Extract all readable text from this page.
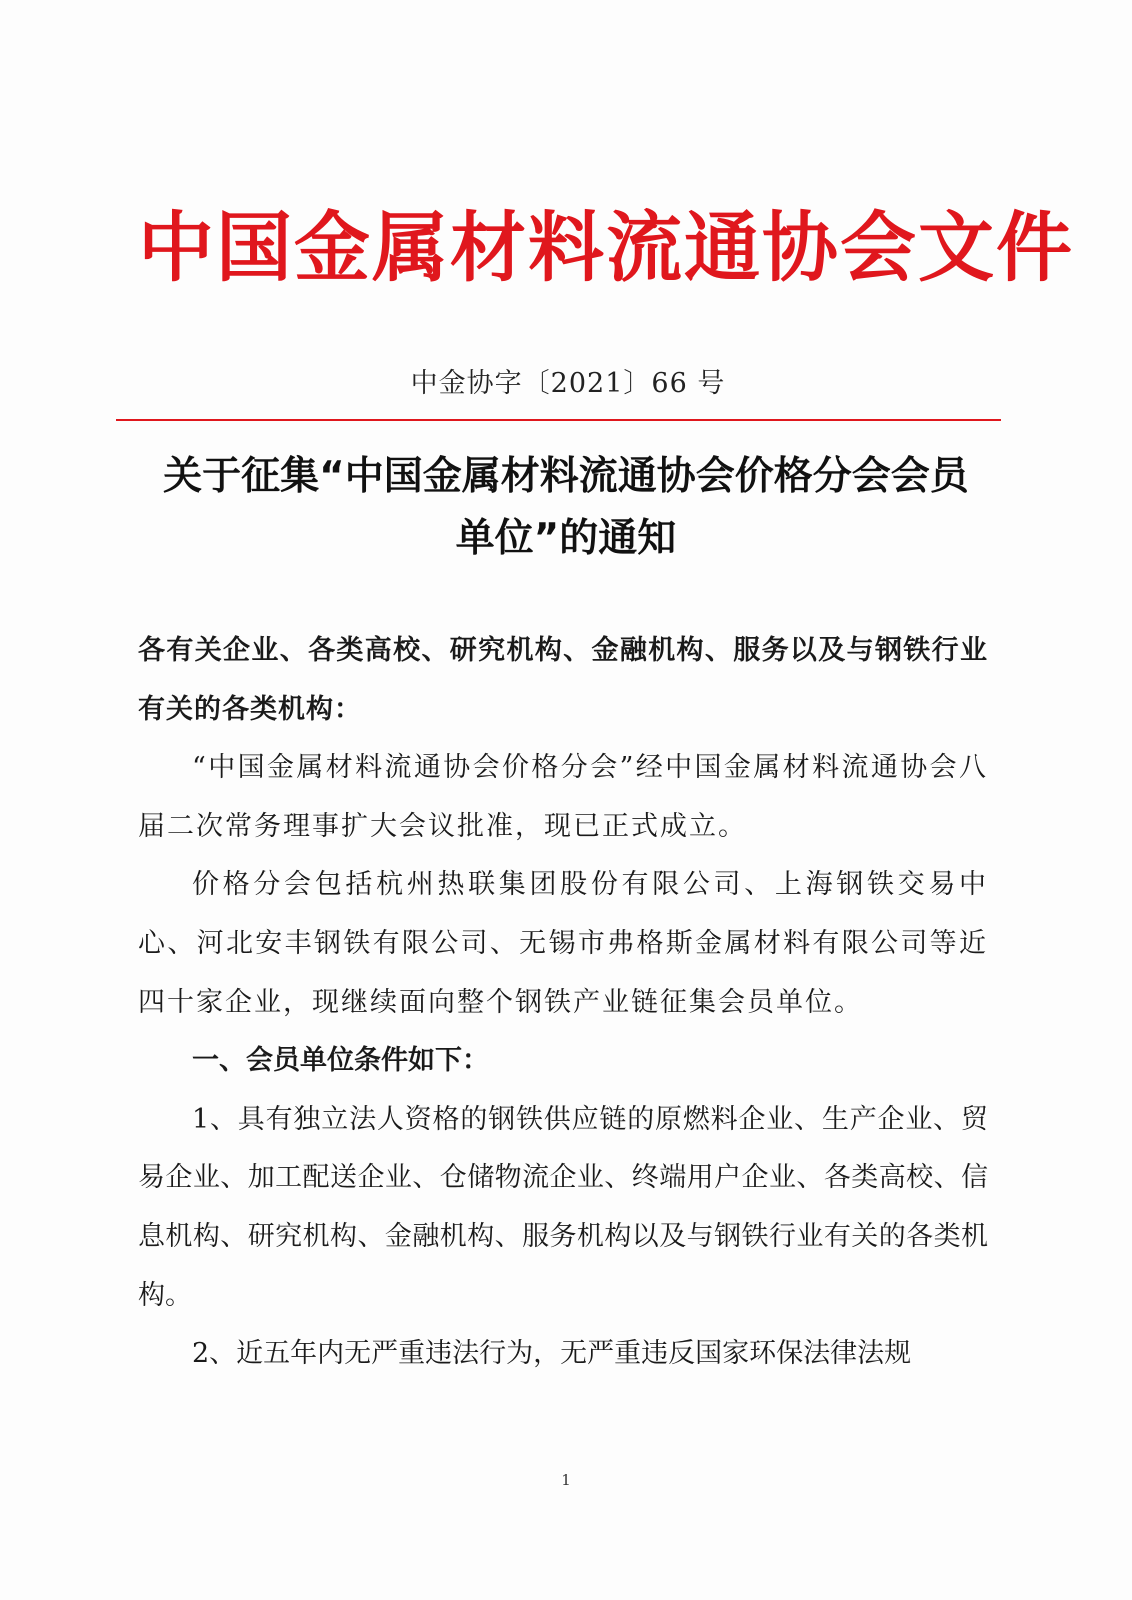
中国金属材料流通协会文件
中金协字〔2021〕66 号
关于征集“中国金属材料流通协会价格分会会员
单位”的通知

各有关企业、各类高校、研究机构、金融机构、服务以及与钢铁行业有关的各类机构：

“中国金属材料流通协会价格分会”经中国金属材料流通协会八届二次常务理事扩大会议批准，现已正式成立。

价格分会包括杭州热联集团股份有限公司、上海钢铁交易中心、河北安丰钢铁有限公司、无锡市弗格斯金属材料有限公司等近四十家企业，现继续面向整个钢铁产业链征集会员单位。

一、会员单位条件如下：

1、具有独立法人资格的钢铁供应链的原燃料企业、生产企业、贸易企业、加工配送企业、仓储物流企业、终端用户企业、各类高校、信息机构、研究机构、金融机构、服务机构以及与钢铁行业有关的各类机构。

2、近五年内无严重违法行为，无严重违反国家环保法律法规

1
